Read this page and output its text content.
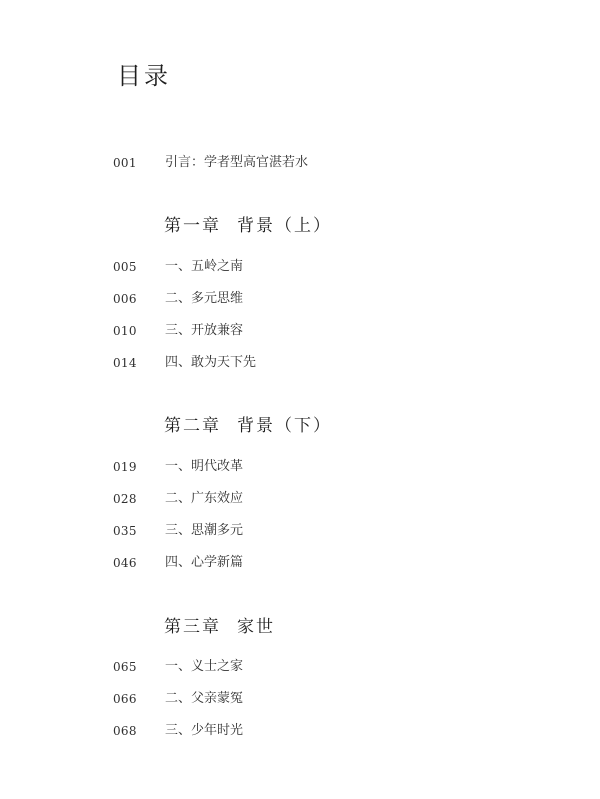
目录
001 引言：学者型高官湛若水
第一章 背景（上）
005 一、五岭之南
006 二、多元思维
010 三、开放兼容
014 四、敢为天下先
第二章 背景（下）
019 一、明代改革
028 二、广东效应
035 三、思潮多元
046 四、心学新篇
第三章 家世
065 一、义士之家
066 二、父亲蒙冤
068 三、少年时光
